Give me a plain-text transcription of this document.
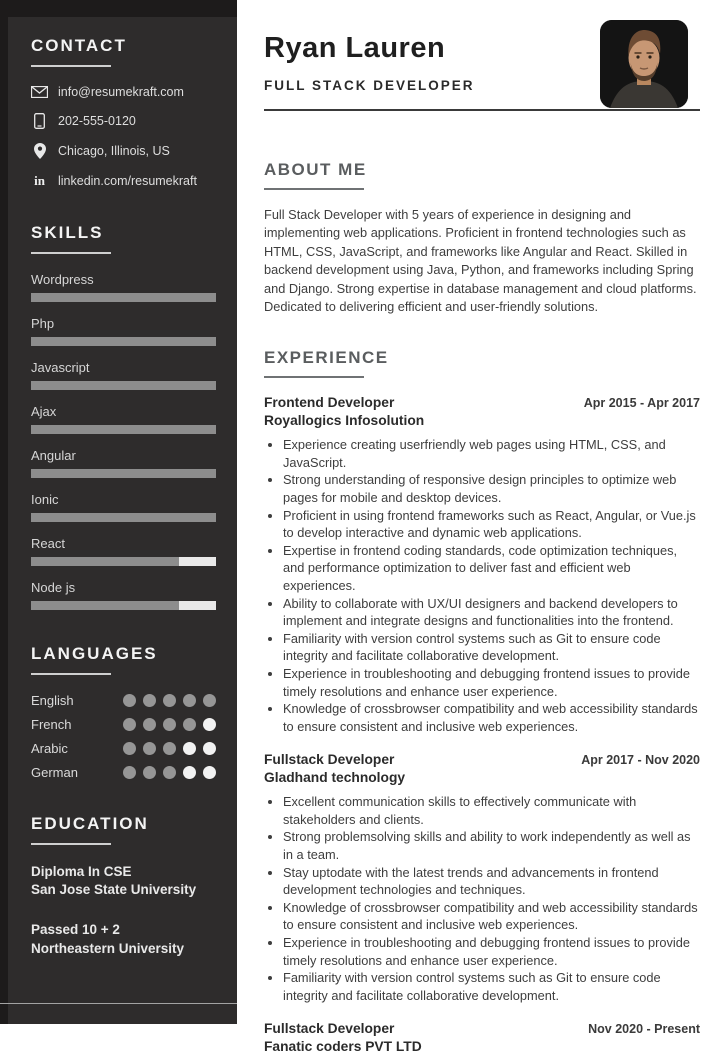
CONTACT
info@resumekraft.com
202-555-0120
Chicago, Illinois, US
in linkedin.com/resumekraft
SKILLS
Wordpress
Php
Javascript
Ajax
Angular
Ionic
React
Node js
LANGUAGES
English
French
Arabic
German
EDUCATION
Diploma In CSE
San Jose State University
Passed 10 + 2
Northeastern University
Ryan Lauren
FULL STACK DEVELOPER
ABOUT ME

Full Stack Developer with 5 years of experience in designing and implementing web applications. Proficient in frontend technologies such as HTML, CSS, JavaScript, and frameworks like Angular and React. Skilled in backend development using Java, Python, and frameworks including Spring and Django. Strong expertise in database management and cloud platforms. Dedicated to delivering efficient and user-friendly solutions.

EXPERIENCE
Frontend Developer
Royallogics Infosolution
Apr 2015 - Apr 2017
• Experience creating userfriendly web pages using HTML, CSS, and JavaScript.
• Strong understanding of responsive design principles to optimize web pages for mobile and desktop devices.
• Proficient in using frontend frameworks such as React, Angular, or Vue.js to develop interactive and dynamic web applications.
• Expertise in frontend coding standards, code optimization techniques, and performance optimization to deliver fast and efficient web experiences.
• Ability to collaborate with UX/UI designers and backend developers to implement and integrate designs and functionalities into the frontend.
• Familiarity with version control systems such as Git to ensure code integrity and facilitate collaborative development.
• Experience in troubleshooting and debugging frontend issues to provide timely resolutions and enhance user experience.
• Knowledge of crossbrowser compatibility and web accessibility standards to ensure consistent and inclusive web experiences.
Fullstack Developer
Gladhand technology
Apr 2017 - Nov 2020
• Excellent communication skills to effectively communicate with stakeholders and clients.
• Strong problemsolving skills and ability to work independently as well as in a team.
• Stay uptodate with the latest trends and advancements in frontend development technologies and techniques.
• Knowledge of crossbrowser compatibility and web accessibility standards to ensure consistent and inclusive web experiences.
• Experience in troubleshooting and debugging frontend issues to provide timely resolutions and enhance user experience.
• Familiarity with version control systems such as Git to ensure code integrity and facilitate collaborative development.
Fullstack Developer
Fanatic coders PVT LTD
Nov 2020 - Present
